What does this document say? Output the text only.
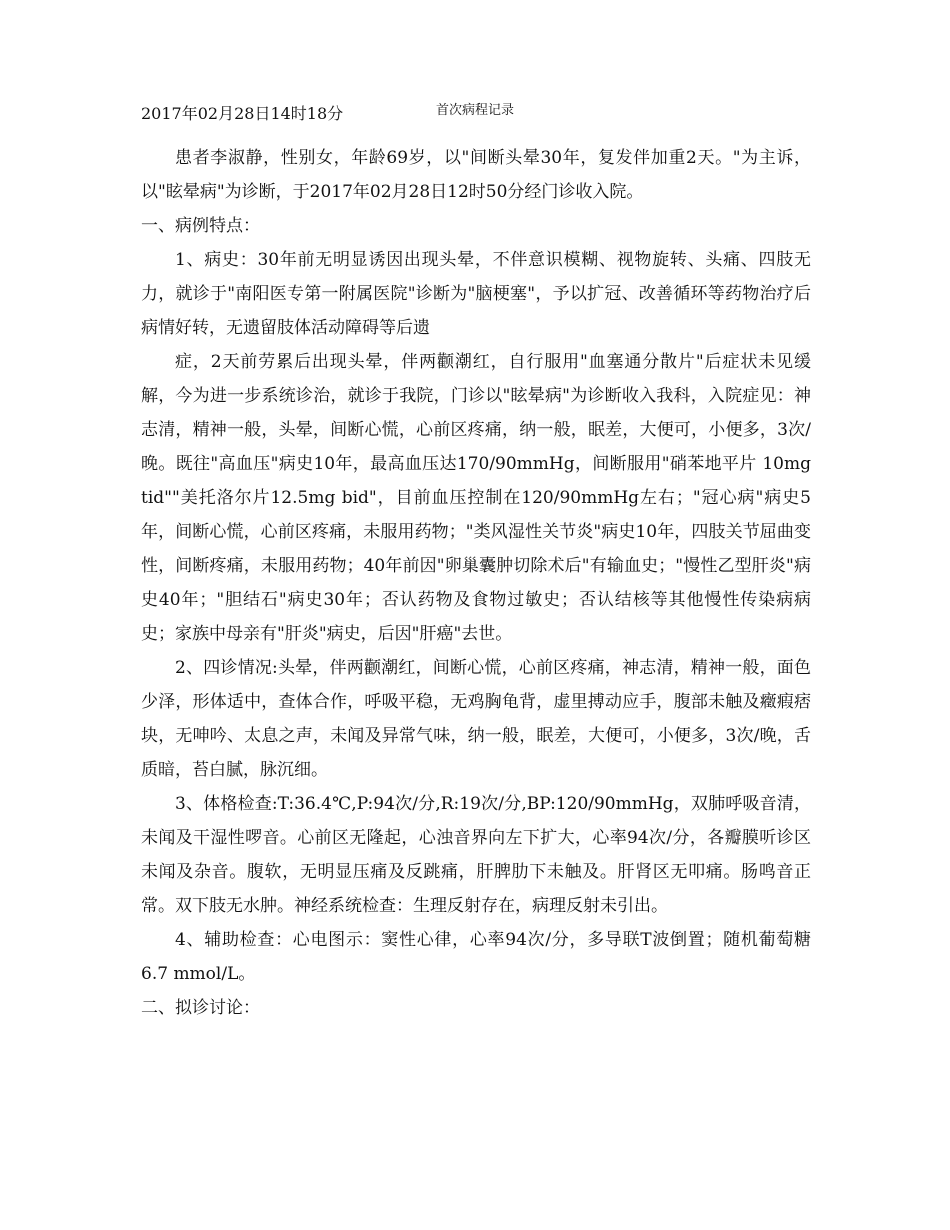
2017年02月28日14时18分	首次病程记录

患者李淑静，性别女，年龄69岁，以"间断头晕30年，复发伴加重2天。"为主诉，以"眩晕病"为诊断，于2017年02月28日12时50分经门诊收入院。

一、病例特点：

1、病史：30年前无明显诱因出现头晕，不伴意识模糊、视物旋转、头痛、四肢无力，就诊于"南阳医专第一附属医院"诊断为"脑梗塞"，予以扩冠、改善循环等药物治疗后病情好转，无遗留肢体活动障碍等后遗

症，2天前劳累后出现头晕，伴两颧潮红，自行服用"血塞通分散片"后症状未见缓解，今为进一步系统诊治，就诊于我院，门诊以"眩晕病"为诊断收入我科，入院症见：神志清，精神一般，头晕，间断心慌，心前区疼痛，纳一般，眠差，大便可，小便多，3次/晚。既往"高血压"病史10年，最高血压达170/90mmHg，间断服用"硝苯地平片 10mg tid""美托洛尔片12.5mg bid"，目前血压控制在120/90mmHg左右；"冠心病"病史5年，间断心慌，心前区疼痛，未服用药物；"类风湿性关节炎"病史10年，四肢关节屈曲变性，间断疼痛，未服用药物；40年前因"卵巢囊肿切除术后"有输血史；"慢性乙型肝炎"病史40年；"胆结石"病史30年；否认药物及食物过敏史；否认结核等其他慢性传染病病史；家族中母亲有"肝炎"病史，后因"肝癌"去世。

2、四诊情况:头晕，伴两颧潮红，间断心慌，心前区疼痛，神志清，精神一般，面色少泽，形体适中，查体合作，呼吸平稳，无鸡胸龟背，虚里搏动应手，腹部未触及癥瘕痞块，无呻吟、太息之声，未闻及异常气味，纳一般，眠差，大便可，小便多，3次/晚，舌质暗，苔白腻，脉沉细。

3、体格检查:T:36.4℃,P:94次/分,R:19次/分,BP:120/90mmHg，双肺呼吸音清，未闻及干湿性啰音。心前区无隆起，心浊音界向左下扩大，心率94次/分，各瓣膜听诊区未闻及杂音。腹软，无明显压痛及反跳痛，肝脾肋下未触及。肝肾区无叩痛。肠鸣音正常。双下肢无水肿。神经系统检查：生理反射存在，病理反射未引出。

4、辅助检查：心电图示：窦性心律，心率94次/分，多导联T波倒置；随机葡萄糖6.7 mmol/L。

二、拟诊讨论：
